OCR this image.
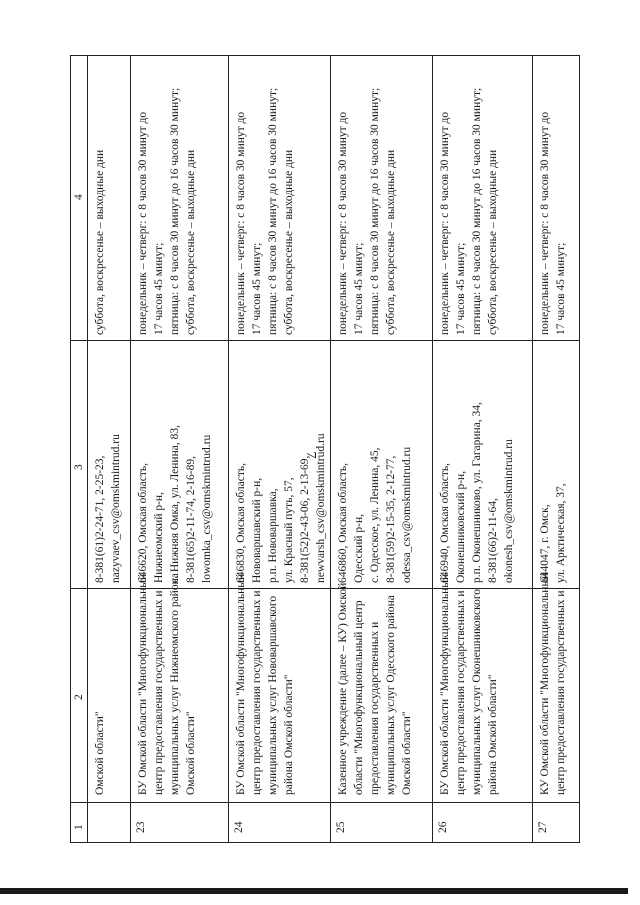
7
1
2
3
4
Омской области"
8-381(61)2-24-71, 2-25-23, nazyvaev_csv@omskmintrud.ru
суббота, воскресенье – выходные дни
23
БУ Омской области "Многофункциональный центр предоставления государственных и муниципальных услуг Нижнеомского района Омской области"
646620, Омская область, Нижнеомский р-н, с. Нижняя Омка, ул. Ленина, 83, 8-381(65)2-11-74, 2-16-89, lowomka_csv@omskmintrud.ru
понедельник – четверг: с 8 часов 30 минут до 17 часов 45 минут; пятница: с 8 часов 30 минут до 16 часов 30 минут; суббота, воскресенье – выходные дни
24
БУ Омской области "Многофункциональный центр предоставления государственных и муниципальных услуг Нововаршавского района Омской области"
646830, Омская область, Нововаршавский р-н, р.п. Нововаршавка, ул. Красный путь, 57, 8-381(52)2-43-06, 2-13-69, newvarsh_csv@omskmintrud.ru
понедельник – четверг: с 8 часов 30 минут до 17 часов 45 минут; пятница: с 8 часов 30 минут до 16 часов 30 минут; суббота, воскресенье – выходные дни
25
Казенное учреждение (далее – КУ) Омской области "Многофункциональный центр предоставления государственных и муниципальных услуг Одесского района Омской области"
646860, Омская область, Одесский р-н, с. Одесское, ул. Ленина, 45, 8-381(59)2-15-35, 2-12-77, odessa_csv@omskmintrud.ru
понедельник – четверг: с 8 часов 30 минут до 17 часов 45 минут; пятница: с 8 часов 30 минут до 16 часов 30 минут; суббота, воскресенье – выходные дни
26
БУ Омской области "Многофункциональный центр предоставления государственных и муниципальных услуг Оконешниковского района Омской области"
646940, Омская область, Оконешниковский р-н, р.п. Оконешниково, ул. Гагарина, 34, 8-381(66)2-11-64, okonesh_csv@omskmintrud.ru
понедельник – четверг: с 8 часов 30 минут до 17 часов 45 минут; пятница: с 8 часов 30 минут до 16 часов 30 минут; суббота, воскресенье – выходные дни
27
КУ Омской области "Многофункциональный центр предоставления государственных и
644047, г. Омск, ул. Арктическая, 37,
понедельник – четверг: с 8 часов 30 минут до 17 часов 45 минут;
